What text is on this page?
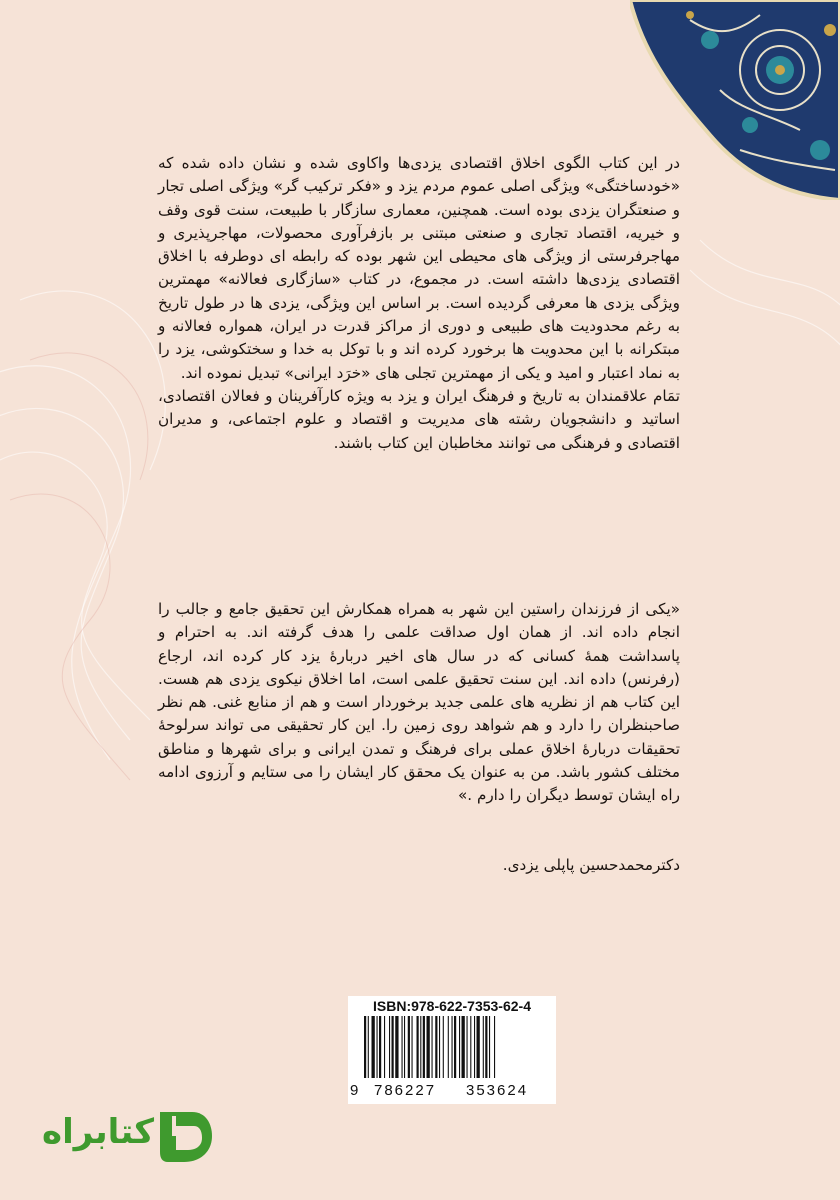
در این کتاب الگوی اخلاق اقتصادی یزدی‌ها واکاوی شده و نشان داده شده که «خودساختگی» ویژگی اصلی عموم مردم یزد و «فکر ترکیب گر» ویژگی اصلی تجار و صنعتگران یزدی بوده است. همچنین، معماری سازگار با طبیعت، سنت قوی وقف و خیریه، اقتصاد تجاری و صنعتی مبتنی بر بازفرآوری محصولات، مهاجرپذیری و مهاجرفرستی از ویژگی های محیطی این شهر بوده که رابطه ای دوطرفه با اخلاق اقتصادی یزدی‌ها داشته است. در مجموع، در کتاب «سازگاری فعالانه» مهمترین ویژگی یزدی ها معرفی گردیده است. بر اساس این ویژگی، یزدی ها در طول تاریخ به رغم محدودیت های طبیعی و دوری از مراکز قدرت در ایران، همواره فعالانه و مبتکرانه با این محدویت ها برخورد کرده اند و با توکل به خدا و سختکوشی، یزد را به نماد اعتبار و امید و یکی از مهمترین تجلی های «خرَد ایرانی» تبدیل نموده اند.
تمَام علاقمندان به تاریخ و فرهنگ ایران و یزد به ویژه کارآفرینان و فعالان اقتصادی، اساتید و دانشجویان رشته های مدیریت و اقتصاد و علوم اجتماعی، و مدیران اقتصادی و فرهنگی می توانند مخاطبان این کتاب باشند.
«یکی از فرزندان راستین این شهر به همراه همکارش این تحقیق جامع و جالب را انجام داده اند. از همان اول صداقت علمی را هدف گرفته اند. به احترام و پاسداشت همهٔ کسانی که در سال های اخیر دربارهٔ یزد کار کرده اند، ارجاع (رفرنس) داده اند. این سنت تحقیق علمی است، اما اخلاق نیکوی یزدی هم هست. این کتاب هم از نظریه های علمی جدید برخوردار است و هم از منابع غنی. هم نظر صاحبنظران را دارد و هم شواهد روی زمین را. این کار تحقیقی می تواند سرلوحهٔ تحقیقات دربارهٔ اخلاق عملی برای فرهنگ و تمدن ایرانی و برای شهرها و مناطق مختلف کشور باشد. من به عنوان یک محقق کار ایشان را می ستایم و آرزوی ادامه راه ایشان توسط دیگران را دارم .»
دکترمحمدحسین پاپلی یزدی.
ISBN:978-622-7353-62-4
9 786227 353624
کتابراه
